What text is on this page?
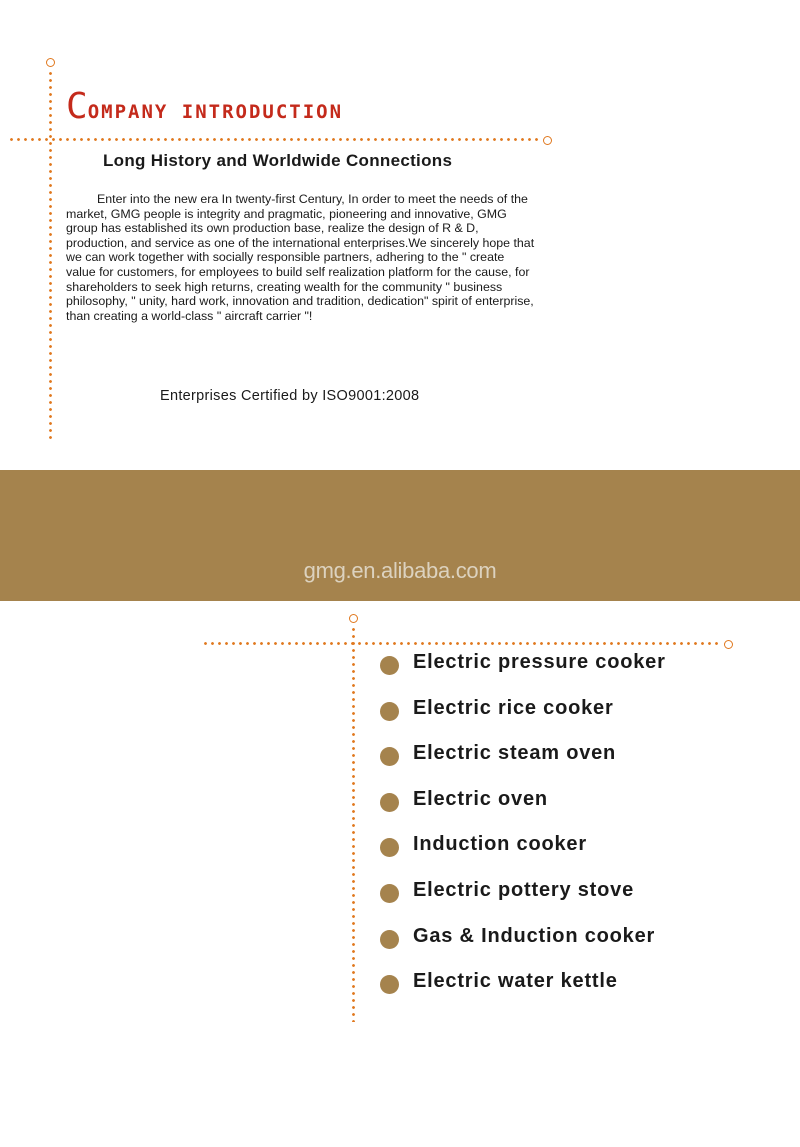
COMPANY INTRODUCTION
Long History and Worldwide Connections

Enter into the new era In twenty-first Century, In order to meet the needs of the market, GMG people is integrity and pragmatic, pioneering and innovative, GMG group has established its own production base, realize the design of R & D, production, and service as one of the international enterprises.We sincerely hope that we can work together with socially responsible partners, adhering to the " create value for customers, for employees to build self realization platform for the cause, for shareholders to seek high returns, creating wealth for the community " business philosophy, " unity, hard work, innovation and tradition, dedication" spirit of enterprise, than creating a world-class " aircraft carrier "!

Enterprises Certified by ISO9001:2008
gmg.en.alibaba.com
Electric pressure cooker
Electric rice cooker
Electric steam oven
Electric oven
Induction cooker
Electric pottery stove
Gas & Induction cooker
Electric water kettle
